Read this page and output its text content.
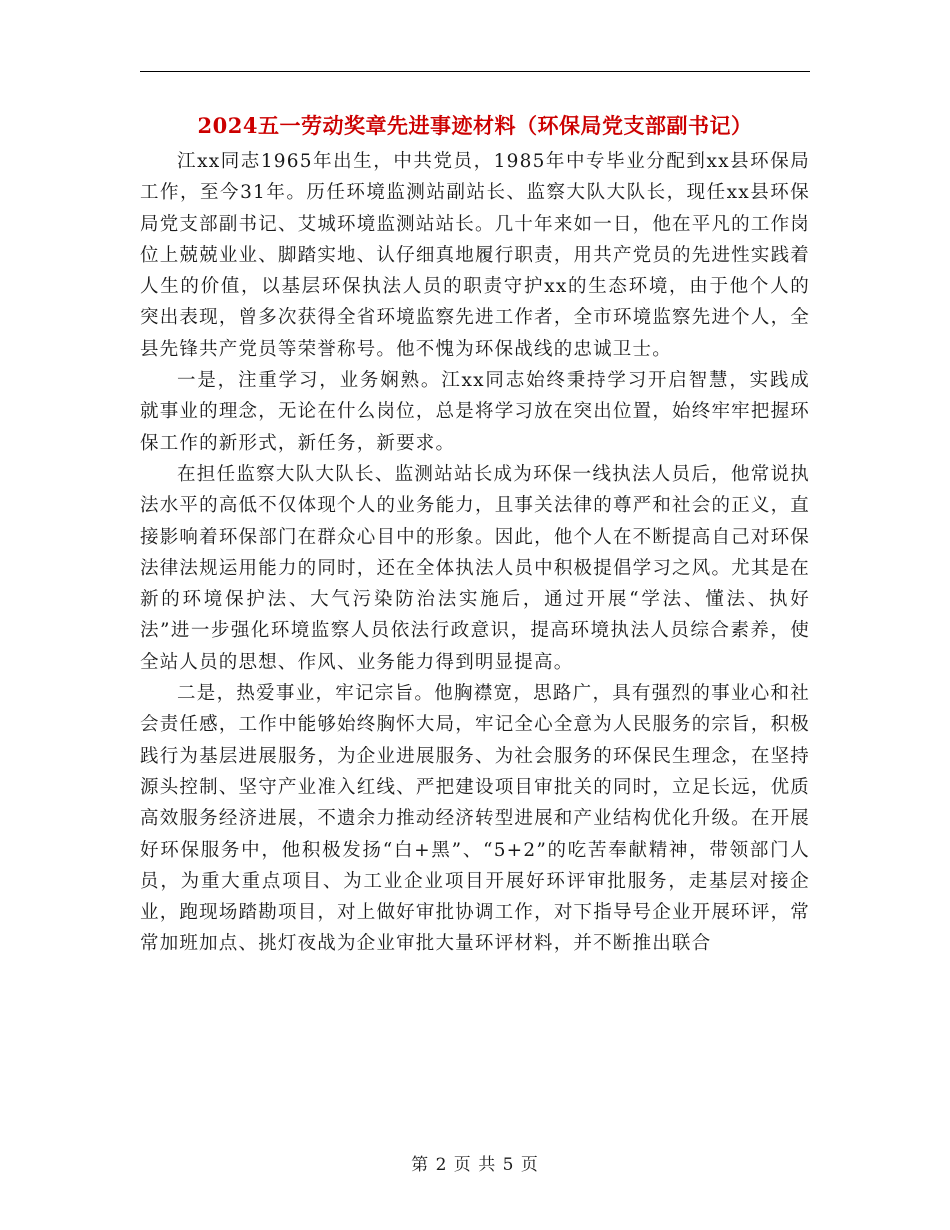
2024五一劳动奖章先进事迹材料（环保局党支部副书记）

江xx同志1965年出生，中共党员，1985年中专毕业分配到xx县环保局工作，至今31年。历任环境监测站副站长、监察大队大队长，现任xx县环保局党支部副书记、艾城环境监测站站长。几十年来如一日，他在平凡的工作岗位上兢兢业业、脚踏实地、认仔细真地履行职责，用共产党员的先进性实践着人生的价值，以基层环保执法人员的职责守护xx的生态环境，由于他个人的突出表现，曾多次获得全省环境监察先进工作者，全市环境监察先进个人，全县先锋共产党员等荣誉称号。他不愧为环保战线的忠诚卫士。

一是，注重学习，业务娴熟。江xx同志始终秉持学习开启智慧，实践成就事业的理念，无论在什么岗位，总是将学习放在突出位置，始终牢牢把握环保工作的新形式，新任务，新要求。

在担任监察大队大队长、监测站站长成为环保一线执法人员后，他常说执法水平的高低不仅体现个人的业务能力，且事关法律的尊严和社会的正义，直接影响着环保部门在群众心目中的形象。因此，他个人在不断提高自己对环保法律法规运用能力的同时，还在全体执法人员中积极提倡学习之风。尤其是在新的环境保护法、大气污染防治法实施后，通过开展“学法、懂法、执好法”进一步强化环境监察人员依法行政意识，提高环境执法人员综合素养，使全站人员的思想、作风、业务能力得到明显提高。

二是，热爱事业，牢记宗旨。他胸襟宽，思路广，具有强烈的事业心和社会责任感，工作中能够始终胸怀大局，牢记全心全意为人民服务的宗旨，积极践行为基层进展服务，为企业进展服务、为社会服务的环保民生理念，在坚持源头控制、坚守产业准入红线、严把建设项目审批关的同时，立足长远，优质高效服务经济进展，不遗余力推动经济转型进展和产业结构优化升级。在开展好环保服务中，他积极发扬“白+黑”、“5+2”的吃苦奉献精神，带领部门人员，为重大重点项目、为工业企业项目开展好环评审批服务，走基层对接企业，跑现场踏勘项目，对上做好审批协调工作，对下指导号企业开展环评，常常加班加点、挑灯夜战为企业审批大量环评材料，并不断推出联合

第 2 页 共 5 页
